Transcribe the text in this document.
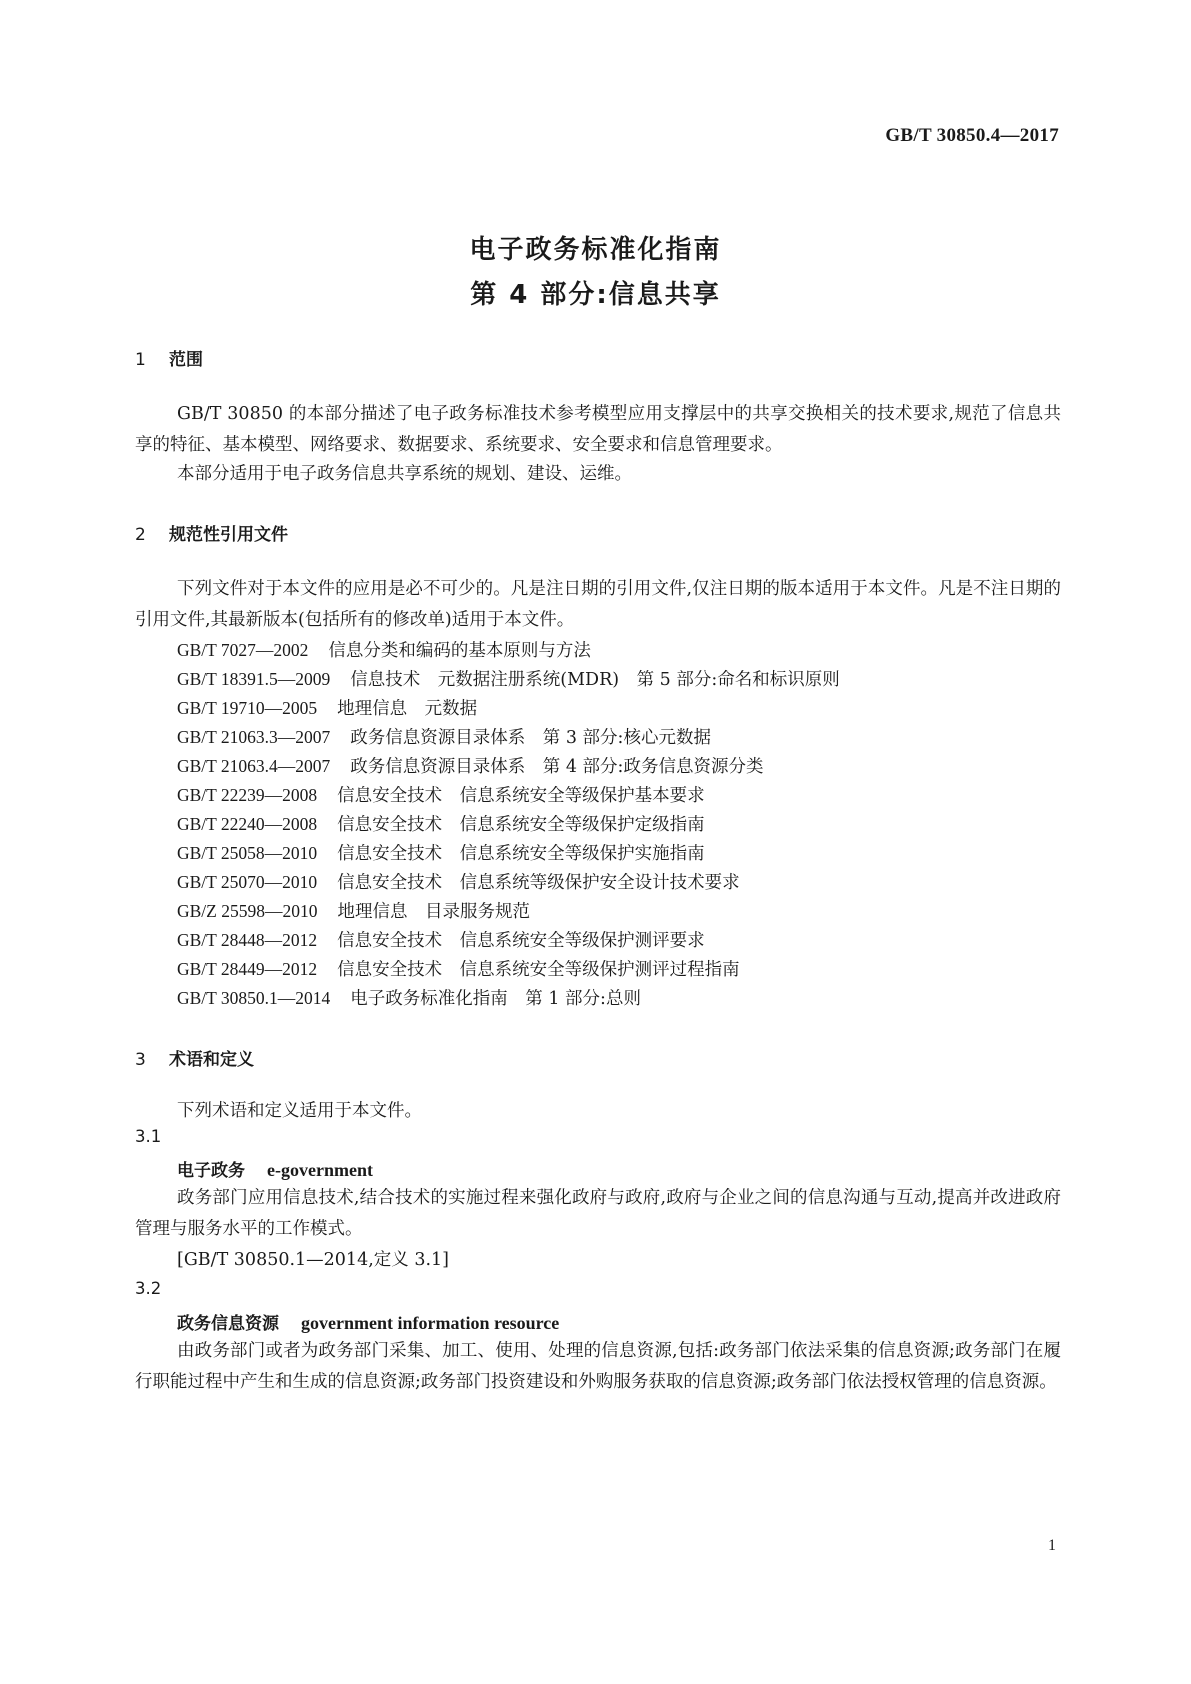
GB/T 30850.4—2017
电子政务标准化指南
第 4 部分:信息共享
1 范围
GB/T 30850 的本部分描述了电子政务标准技术参考模型应用支撑层中的共享交换相关的技术要求,规范了信息共享的特征、基本模型、网络要求、数据要求、系统要求、安全要求和信息管理要求。
本部分适用于电子政务信息共享系统的规划、建设、运维。
2 规范性引用文件
下列文件对于本文件的应用是必不可少的。凡是注日期的引用文件,仅注日期的版本适用于本文件。凡是不注日期的引用文件,其最新版本(包括所有的修改单)适用于本文件。
GB/T 7027—2002 信息分类和编码的基本原则与方法
GB/T 18391.5—2009 信息技术　元数据注册系统(MDR)　第 5 部分:命名和标识原则
GB/T 19710—2005 地理信息　元数据
GB/T 21063.3—2007 政务信息资源目录体系　第 3 部分:核心元数据
GB/T 21063.4—2007 政务信息资源目录体系　第 4 部分:政务信息资源分类
GB/T 22239—2008 信息安全技术　信息系统安全等级保护基本要求
GB/T 22240—2008 信息安全技术　信息系统安全等级保护定级指南
GB/T 25058—2010 信息安全技术　信息系统安全等级保护实施指南
GB/T 25070—2010 信息安全技术　信息系统等级保护安全设计技术要求
GB/Z 25598—2010 地理信息　目录服务规范
GB/T 28448—2012 信息安全技术　信息系统安全等级保护测评要求
GB/T 28449—2012 信息安全技术　信息系统安全等级保护测评过程指南
GB/T 30850.1—2014 电子政务标准化指南　第 1 部分:总则
3 术语和定义
下列术语和定义适用于本文件。
3.1
电子政务 e-government
政务部门应用信息技术,结合技术的实施过程来强化政府与政府,政府与企业之间的信息沟通与互动,提高并改进政府管理与服务水平的工作模式。
[GB/T 30850.1—2014,定义 3.1]
3.2
政务信息资源 government information resource
由政务部门或者为政务部门采集、加工、使用、处理的信息资源,包括:政务部门依法采集的信息资源;政务部门在履行职能过程中产生和生成的信息资源;政务部门投资建设和外购服务获取的信息资源;政务部门依法授权管理的信息资源。
1
